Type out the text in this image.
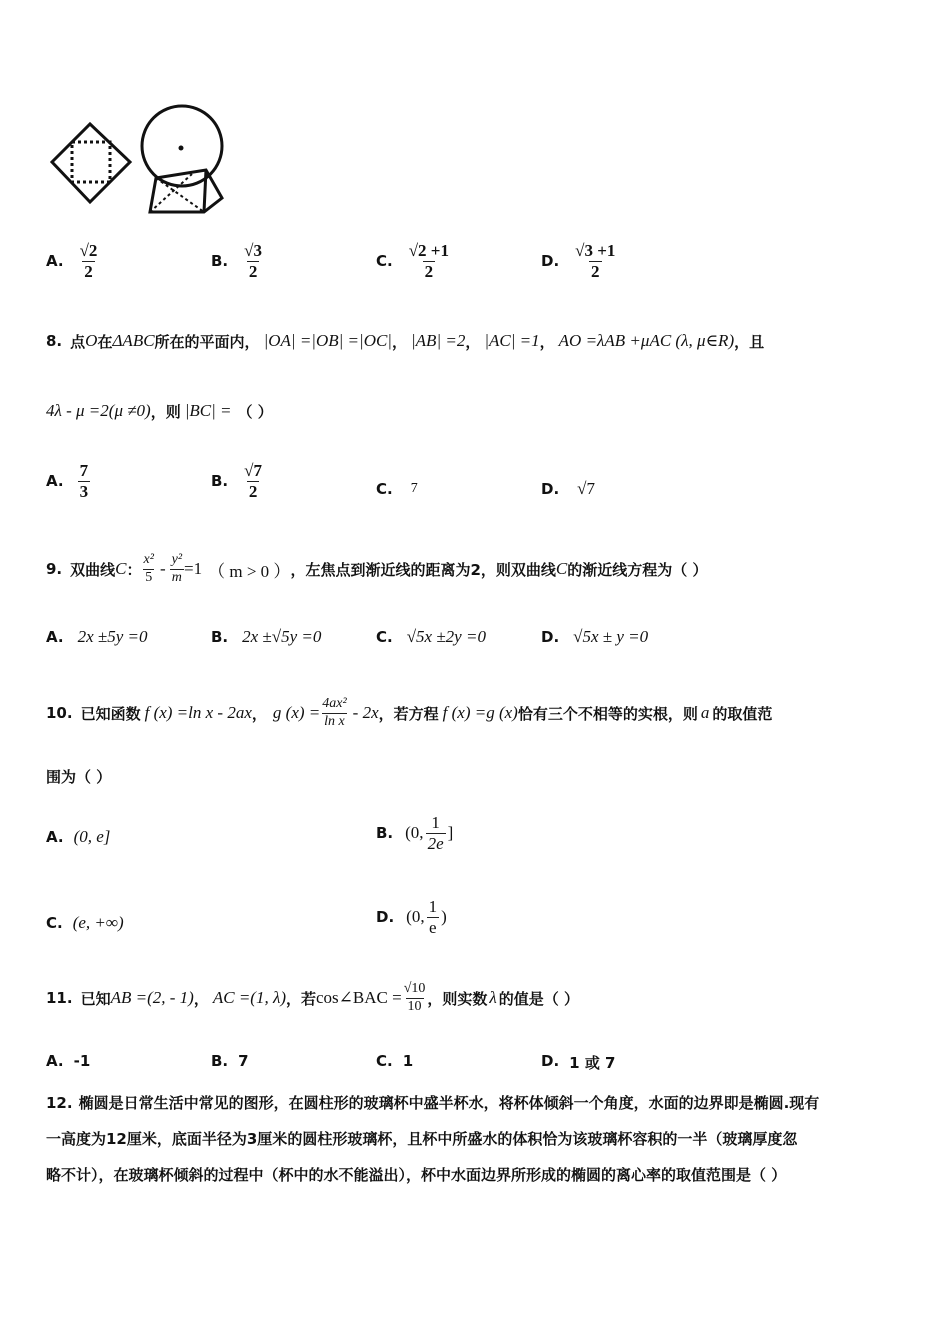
A. $\frac{√2}{2}$	B. $\frac{√3}{2}$	C. $\frac{√2 +1}{2}$	D. $\frac{√3 +1}{2}$
8. 点 O 在 ΔABC 所在的平面内， |OA| =|OB| =|OC| ， |AB| =2 ， |AC| =1 ， AO =λAB +μAC (λ, μ∈R) ，且
4λ - μ =2(μ ≠0) ，则 |BC| = （ ）
A. $\frac{7}{3}$	B. $\frac{√7}{2}$	C. 7	D. √7
9. 双曲线 C ： $\frac{\text{x²}}{5} - \frac{\text{y²}}{m} =1$ （ m > 0 ） ，左焦点到渐近线的距离为2，则双曲线 C 的渐近线方程为（ ）
A. 2x ±5y =0	B. 2x ±√5y =0	C. √5x ±2y =0	D. √5x ± y =0
10. 已知函数 f (x) =ln x - 2ax ， g $(x) = \frac{\text{4ax²}}{\text{ln x}} - 2x$ ，若方程 f (x) =g (x) 恰有三个不相等的实根，则 a 的取值范
围为（ ）
A. (0, e]	B. (0, $\frac{1}{2e}$ ]
C. (e, +∞)	D. (0, $\frac{1}{e}$ )
11. 已知 AB =(2, - 1) ， AC =(1, λ) ，若 cos∠BAC = $\frac{√10}{10}$ ，则实数 λ 的值是（ ）
A. -1	B. 7	C. 1	D. 1 或 7
12. 椭圆是日常生活中常见的图形，在圆柱形的玻璃杯中盛半杯水，将杯体倾斜一个角度，水面的边界即是椭圆.现有
一高度为12厘米，底面半径为3厘米的圆柱形玻璃杯，且杯中所盛水的体积恰为该玻璃杯容积的一半（玻璃厚度忽
略不计），在玻璃杯倾斜的过程中（杯中的水不能溢出），杯中水面边界所形成的椭圆的离心率的取值范围是（ ）
